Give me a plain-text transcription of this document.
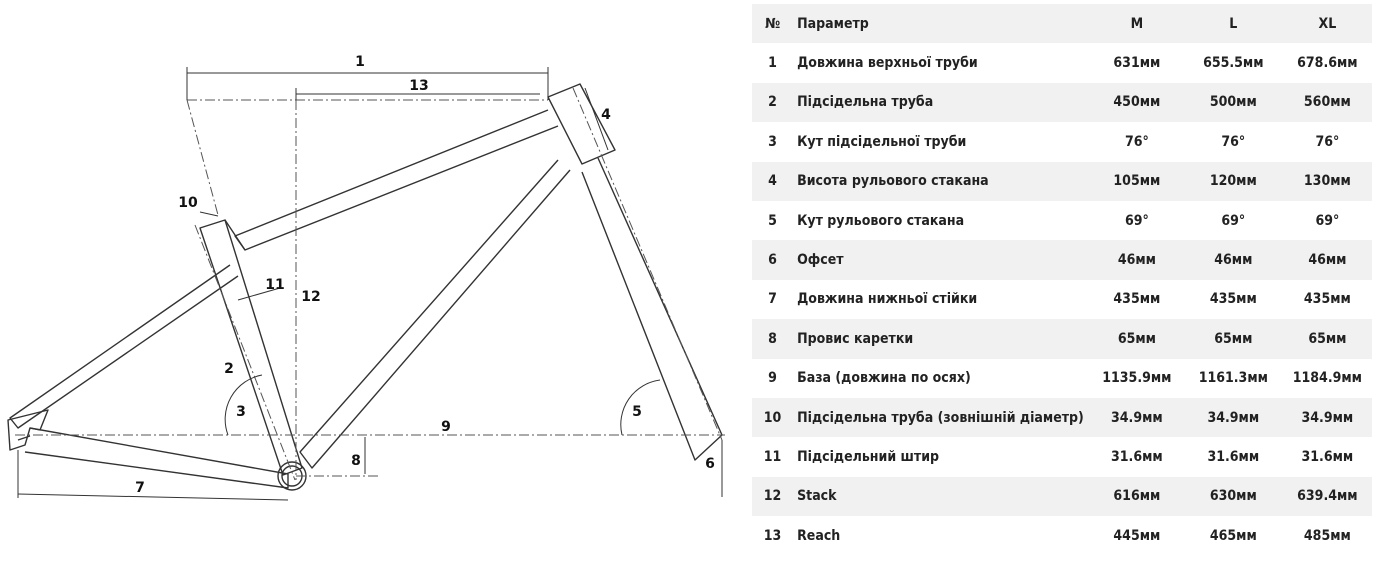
1
13
4
10
11
12
2
3	5
9
8	6
7
№	Параметр	M	L	XL
1	Довжина верхньої труби	631мм	655.5мм	678.6мм
2	Підсідельна труба	450мм	500мм	560мм
3	Кут підсідельної труби	76°	76°	76°
4	Висота рульового стакана	105мм	120мм	130мм
5	Кут рульового стакана	69°	69°	69°
6	Офсет	46мм	46мм	46мм
7	Довжина нижньої стійки	435мм	435мм	435мм
8	Провис каретки	65мм	65мм	65мм
9	База (довжина по осях)	1135.9мм	1161.3мм	1184.9мм
10	Підсідельна труба (зовнішній діаметр)	34.9мм	34.9мм	34.9мм
11	Підсідельний штир	31.6мм	31.6мм	31.6мм
12	Stack	616мм	630мм	639.4мм
13	Reach	445мм	465мм	485мм
